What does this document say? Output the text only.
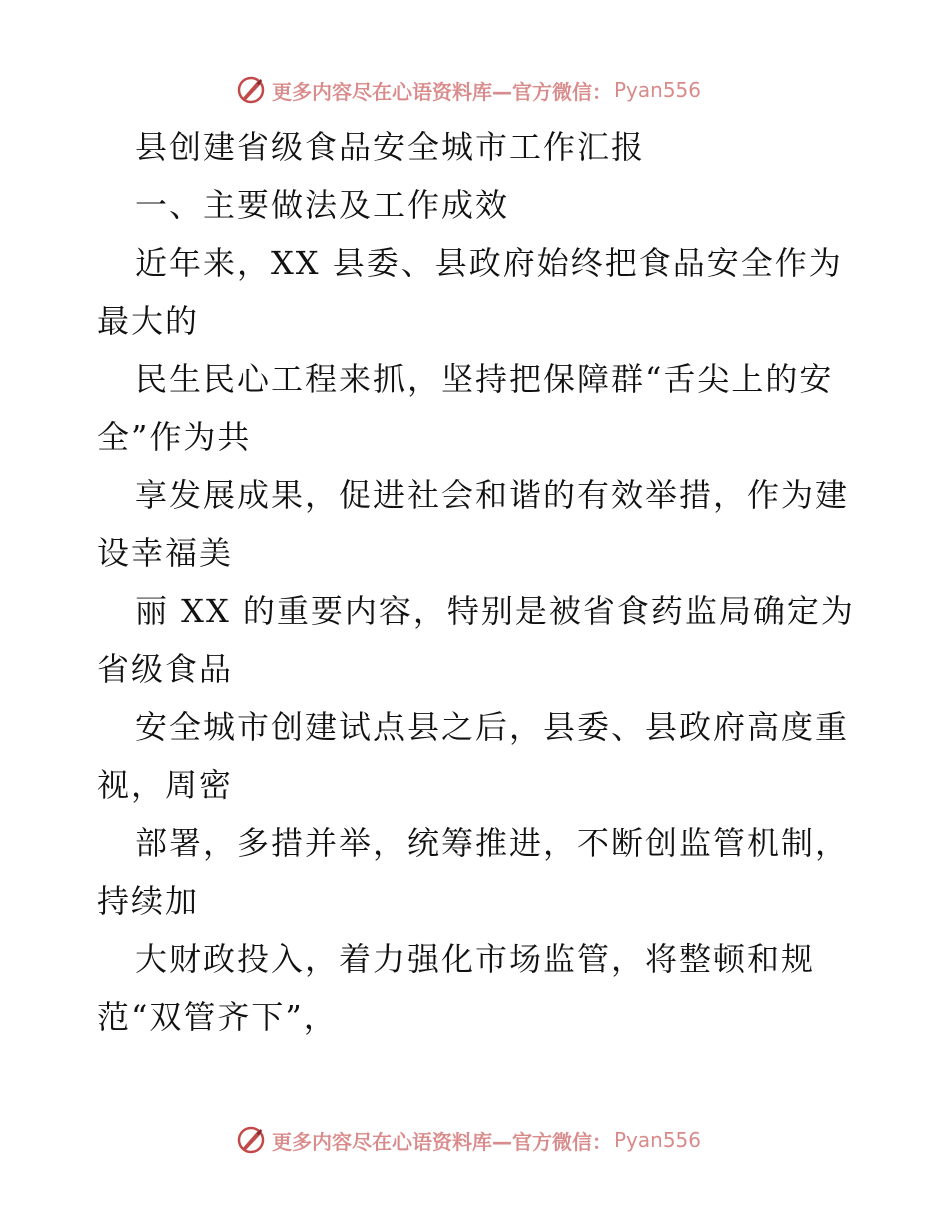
更多内容尽在心语资料库—官方微信： Pyan556
县创建省级食品安全城市工作汇报
一、主要做法及工作成效
近年来，XX 县委、县政府始终把食品安全作为
最大的
民生民心工程来抓，坚持把保障群“舌尖上的安
全”作为共
享发展成果，促进社会和谐的有效举措，作为建
设幸福美
丽 XX 的重要内容，特别是被省食药监局确定为
省级食品
安全城市创建试点县之后，县委、县政府高度重
视，周密
部署，多措并举，统筹推进，不断创监管机制，
持续加
大财政投入，着力强化市场监管，将整顿和规
范“双管齐下”，
更多内容尽在心语资料库—官方微信： Pyan556
